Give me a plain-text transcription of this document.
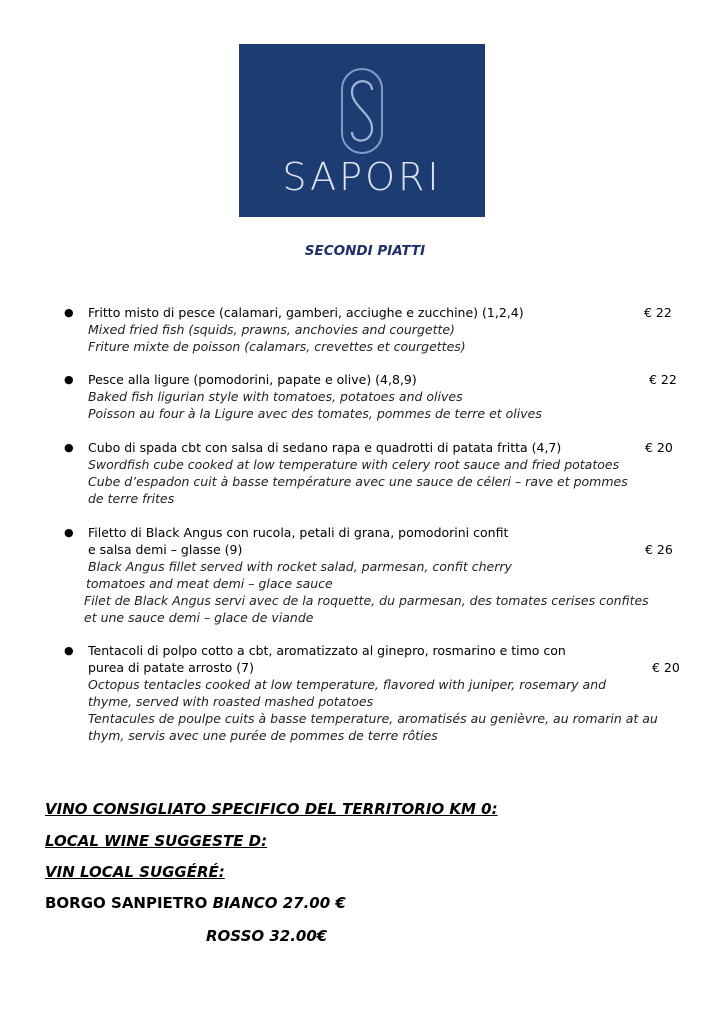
SAPORI
SECONDI PIATTI
● Fritto misto di pesce (calamari, gamberi, acciughe e zucchine) (1,2,4)	€ 22
Mixed fried fish (squids, prawns, anchovies and courgette)
Friture mixte de poisson (calamars, crevettes et courgettes)
● Pesce alla ligure (pomodorini, papate e olive) (4,8,9)	€ 22
Baked fish ligurian style with tomatoes, potatoes and olives
Poisson au four à la Ligure avec des tomates, pommes de terre et olives
● Cubo di spada cbt con salsa di sedano rapa e quadrotti di patata fritta (4,7)	€ 20
Swordfish cube cooked at low temperature with celery root sauce and fried potatoes
Cube d’espadon cuit à basse température avec une sauce de céleri – rave et pommes
de terre frites
● Filetto di Black Angus con rucola, petali di grana, pomodorini confit
e salsa demi – glasse (9)	€ 26
Black Angus fillet served with rocket salad, parmesan, confit cherry
tomatoes and meat demi – glace sauce
Filet de Black Angus servi avec de la roquette, du parmesan, des tomates cerises confites
et une sauce demi – glace de viande
● Tentacoli di polpo cotto a cbt, aromatizzato al ginepro, rosmarino e timo con
purea di patate arrosto (7)	€ 20
Octopus tentacles cooked at low temperature, flavored with juniper, rosemary and
thyme, served with roasted mashed potatoes
Tentacules de poulpe cuits à basse temperature, aromatisés au genièvre, au romarin at au
thym, servis avec une purée de pommes de terre rôties
VINO CONSIGLIATO SPECIFICO DEL TERRITORIO KM 0:
LOCAL WINE SUGGESTE D:
VIN LOCAL SUGGÉRÉ:
BORGO SANPIETRO BIANCO 27.00 €
ROSSO 32.00€
